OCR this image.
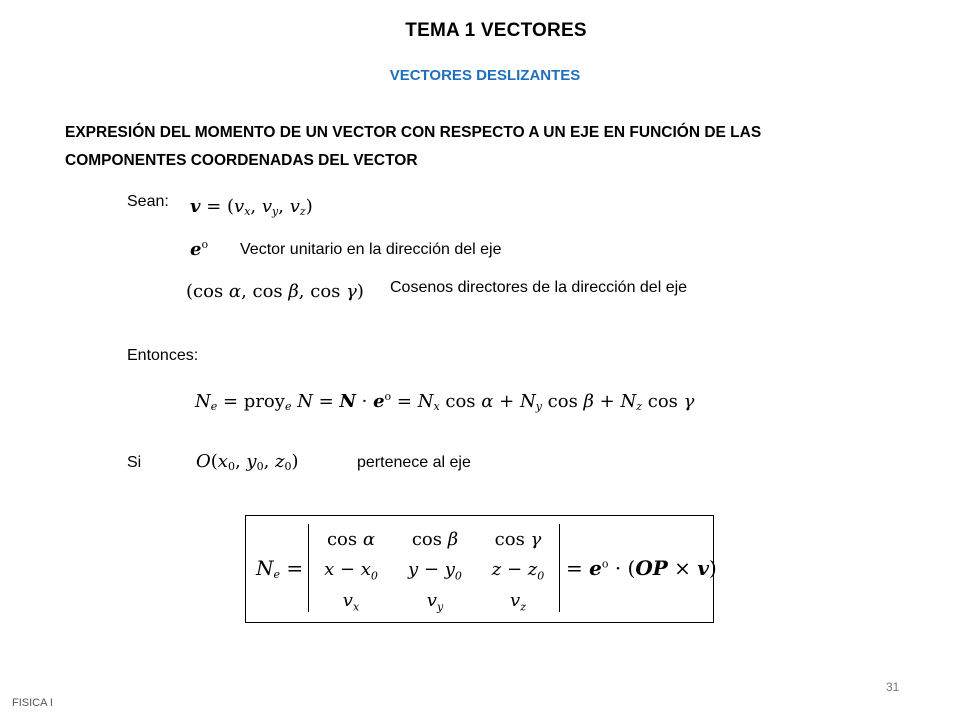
TEMA 1 VECTORES
VECTORES DESLIZANTES
EXPRESIÓN DEL MOMENTO DE UN VECTOR CON RESPECTO A UN EJE EN FUNCIÓN DE LAS COMPONENTES COORDENADAS DEL VECTOR
Sean: $v = (v_x$, $v_y$, $v_z$)
$e^o$ Vector unitario en la dirección del eje
(cos α, cos β, cos γ) Cosenos directores de la dirección del eje
Entonces:
$N_e$ = proy$_e$ $N = N \cdot e^o = N_x$ $\cos \alpha + N_y$ $\cos \beta + N_z$ cos γ
Si	$O(x_0$, $y_0$, $z_0$)	pertenece al eje
$N_e$ =
cos α	cos β	cos γ
$x - x_0$	$y - y_0$	$z - z_0$
$v_x$	$v_y$	$v_z$
= $e^o \cdot (OP \times v)$
FISICA I
31
